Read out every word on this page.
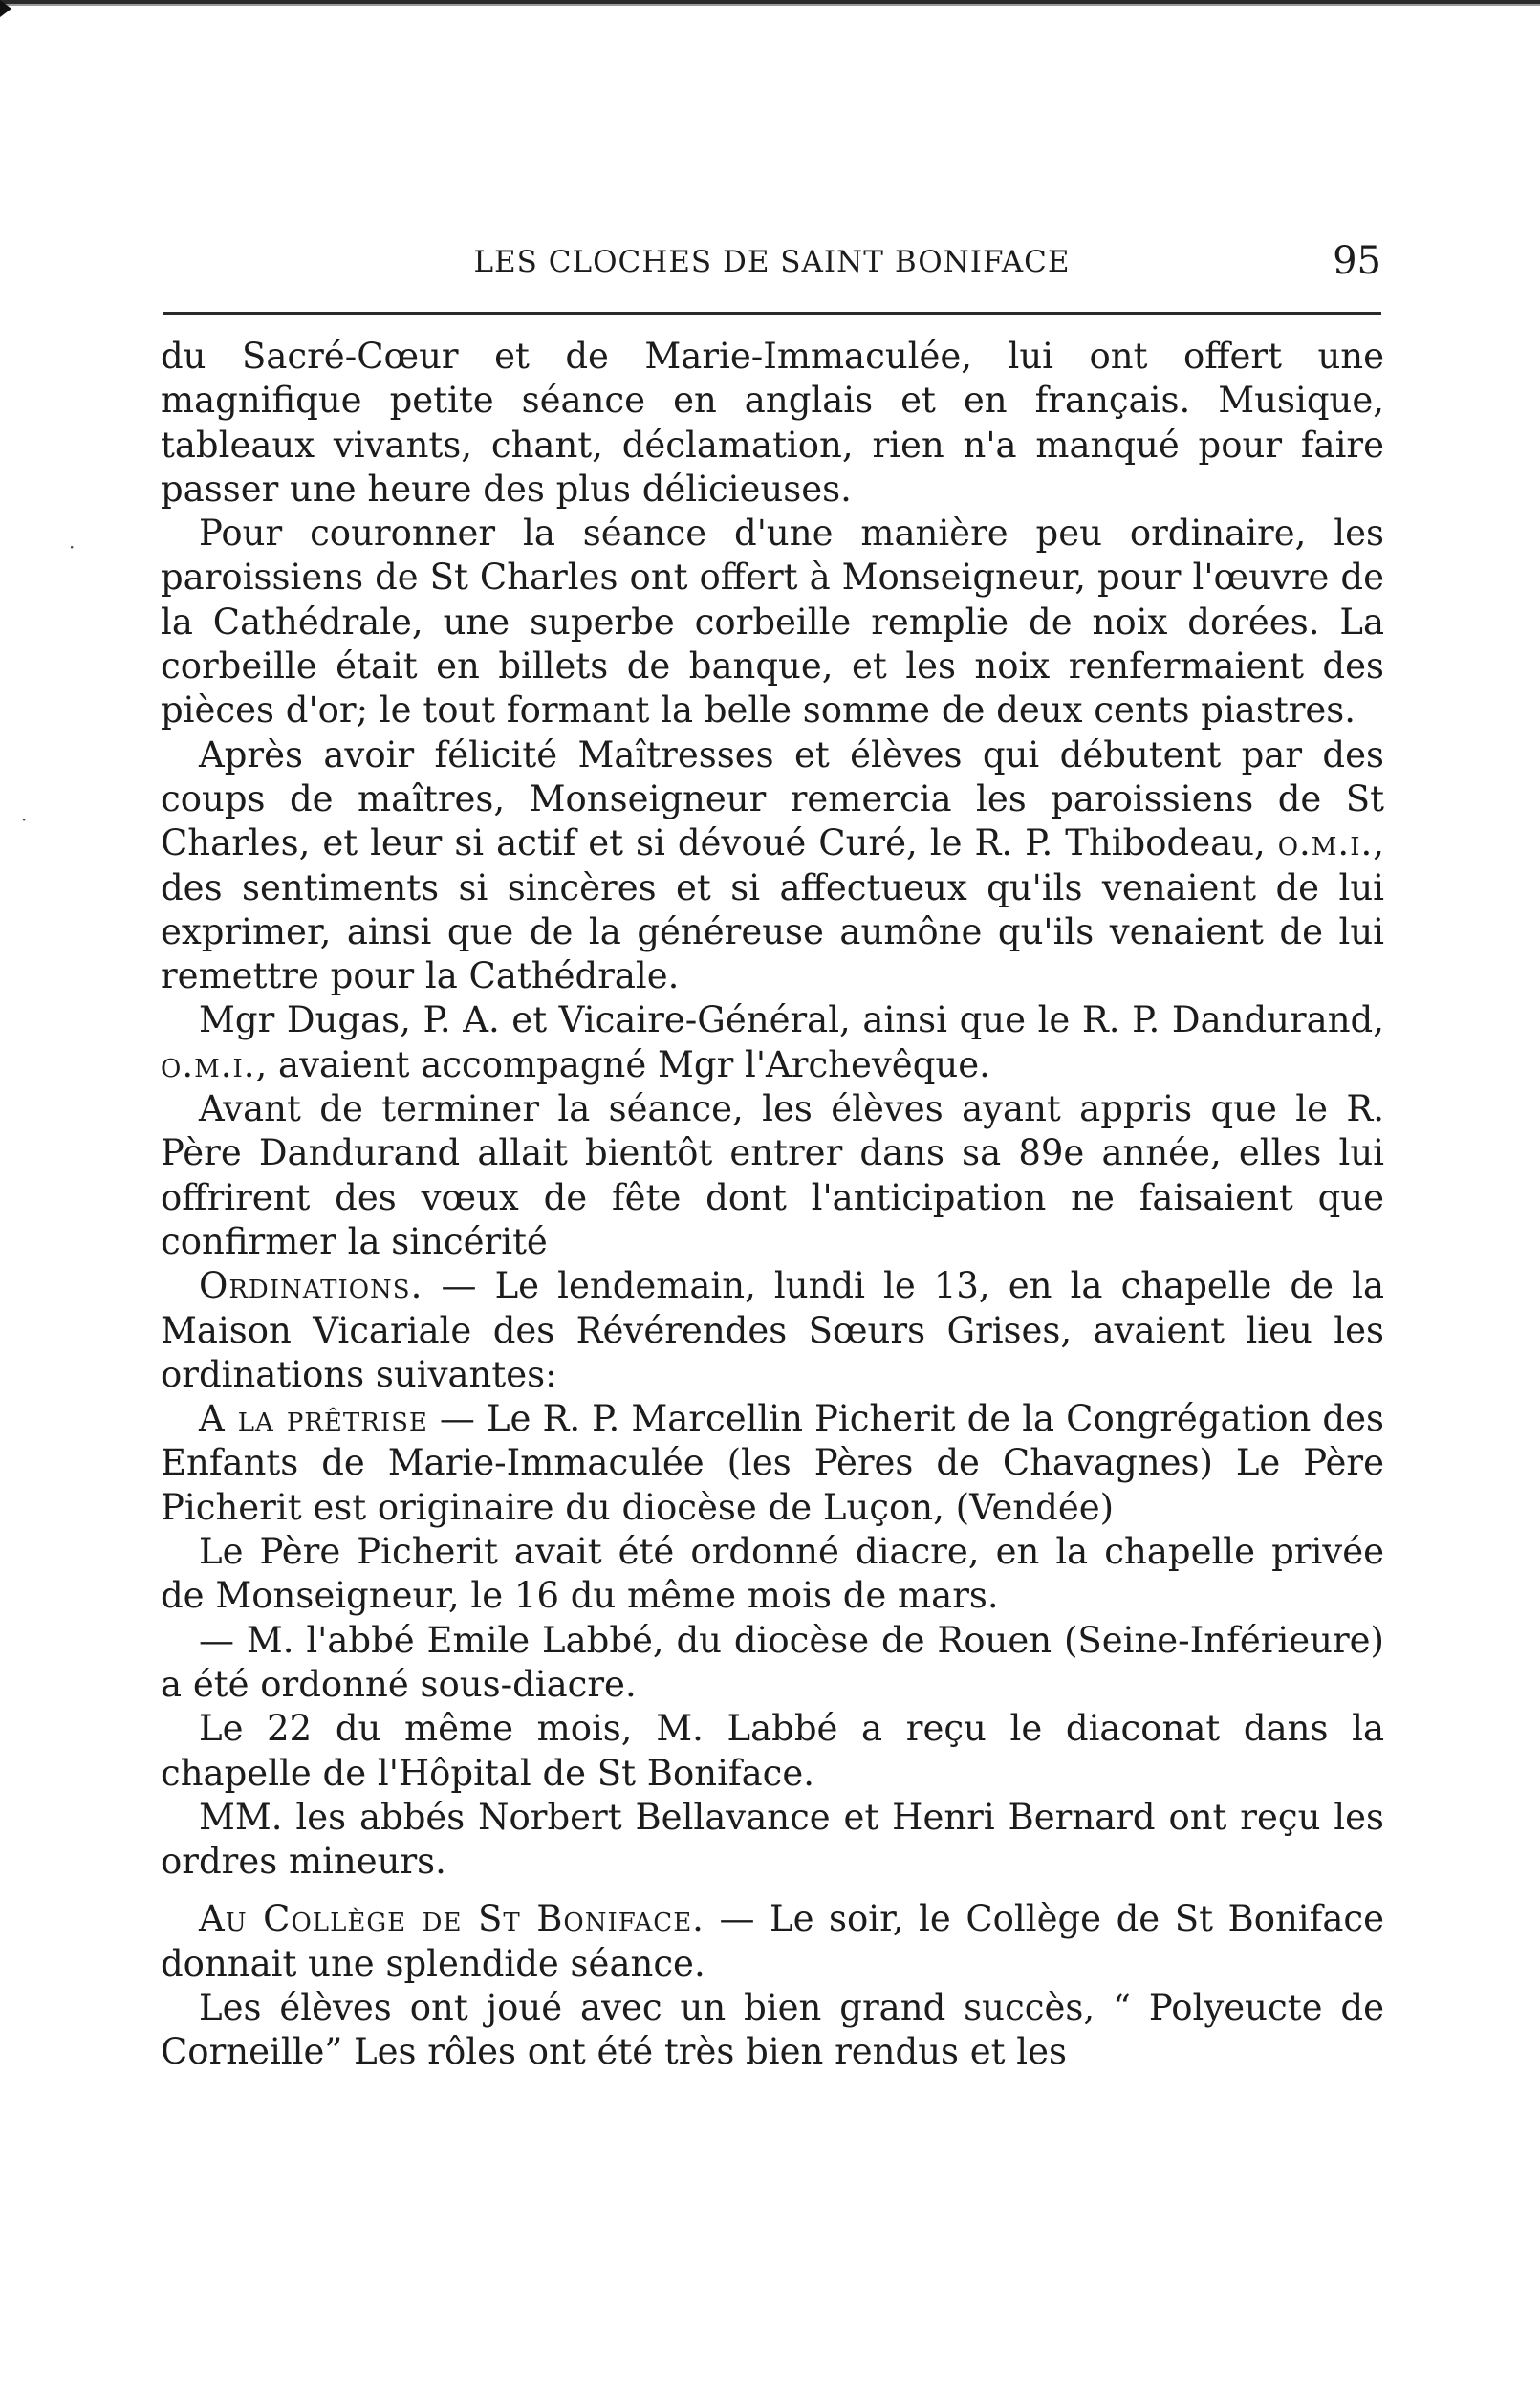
LES CLOCHES DE SAINT BONIFACE	95
·
·

du Sacré-Cœur et de Marie-Immaculée, lui ont offert une magnifique petite séance en anglais et en français. Musique, tableaux vivants, chant, déclamation, rien n'a manqué pour faire passer une heure des plus délicieuses.

Pour couronner la séance d'une manière peu ordinaire, les paroissiens de St Charles ont offert à Monseigneur, pour l'œuvre de la Cathédrale, une superbe corbeille remplie de noix dorées. La corbeille était en billets de banque, et les noix renfermaient des pièces d'or; le tout formant la belle somme de deux cents piastres.

Après avoir félicité Maîtresses et élèves qui débutent par des coups de maîtres, Monseigneur remercia les paroissiens de St Charles, et leur si actif et si dévoué Curé, le R. P. Thibodeau, o.m.i., des sentiments si sincères et si affectueux qu'ils venaient de lui exprimer, ainsi que de la généreuse aumône qu'ils venaient de lui remettre pour la Cathédrale.

Mgr Dugas, P. A. et Vicaire-Général, ainsi que le R. P. Dandurand, o.m.i., avaient accompagné Mgr l'Archevêque.

Avant de terminer la séance, les élèves ayant appris que le R. Père Dandurand allait bientôt entrer dans sa 89e année, elles lui offrirent des vœux de fête dont l'anticipation ne faisaient que confirmer la sincérité

Ordinations. — Le lendemain, lundi le 13, en la chapelle de la Maison Vicariale des Révérendes Sœurs Grises, avaient lieu les ordinations suivantes:

A la prêtrise — Le R. P. Marcellin Picherit de la Congrégation des Enfants de Marie-Immaculée (les Pères de Chavagnes) Le Père Picherit est originaire du diocèse de Luçon, (Vendée)

Le Père Picherit avait été ordonné diacre, en la chapelle privée de Monseigneur, le 16 du même mois de mars.

— M. l'abbé Emile Labbé, du diocèse de Rouen (Seine-Inférieure) a été ordonné sous-diacre.

Le 22 du même mois, M. Labbé a reçu le diaconat dans la chapelle de l'Hôpital de St Boniface.

MM. les abbés Norbert Bellavance et Henri Bernard ont reçu les ordres mineurs.

Au Collège de St Boniface. — Le soir, le Collège de St Boniface donnait une splendide séance.

Les élèves ont joué avec un bien grand succès, “ Polyeucte de Corneille” Les rôles ont été très bien rendus et les
